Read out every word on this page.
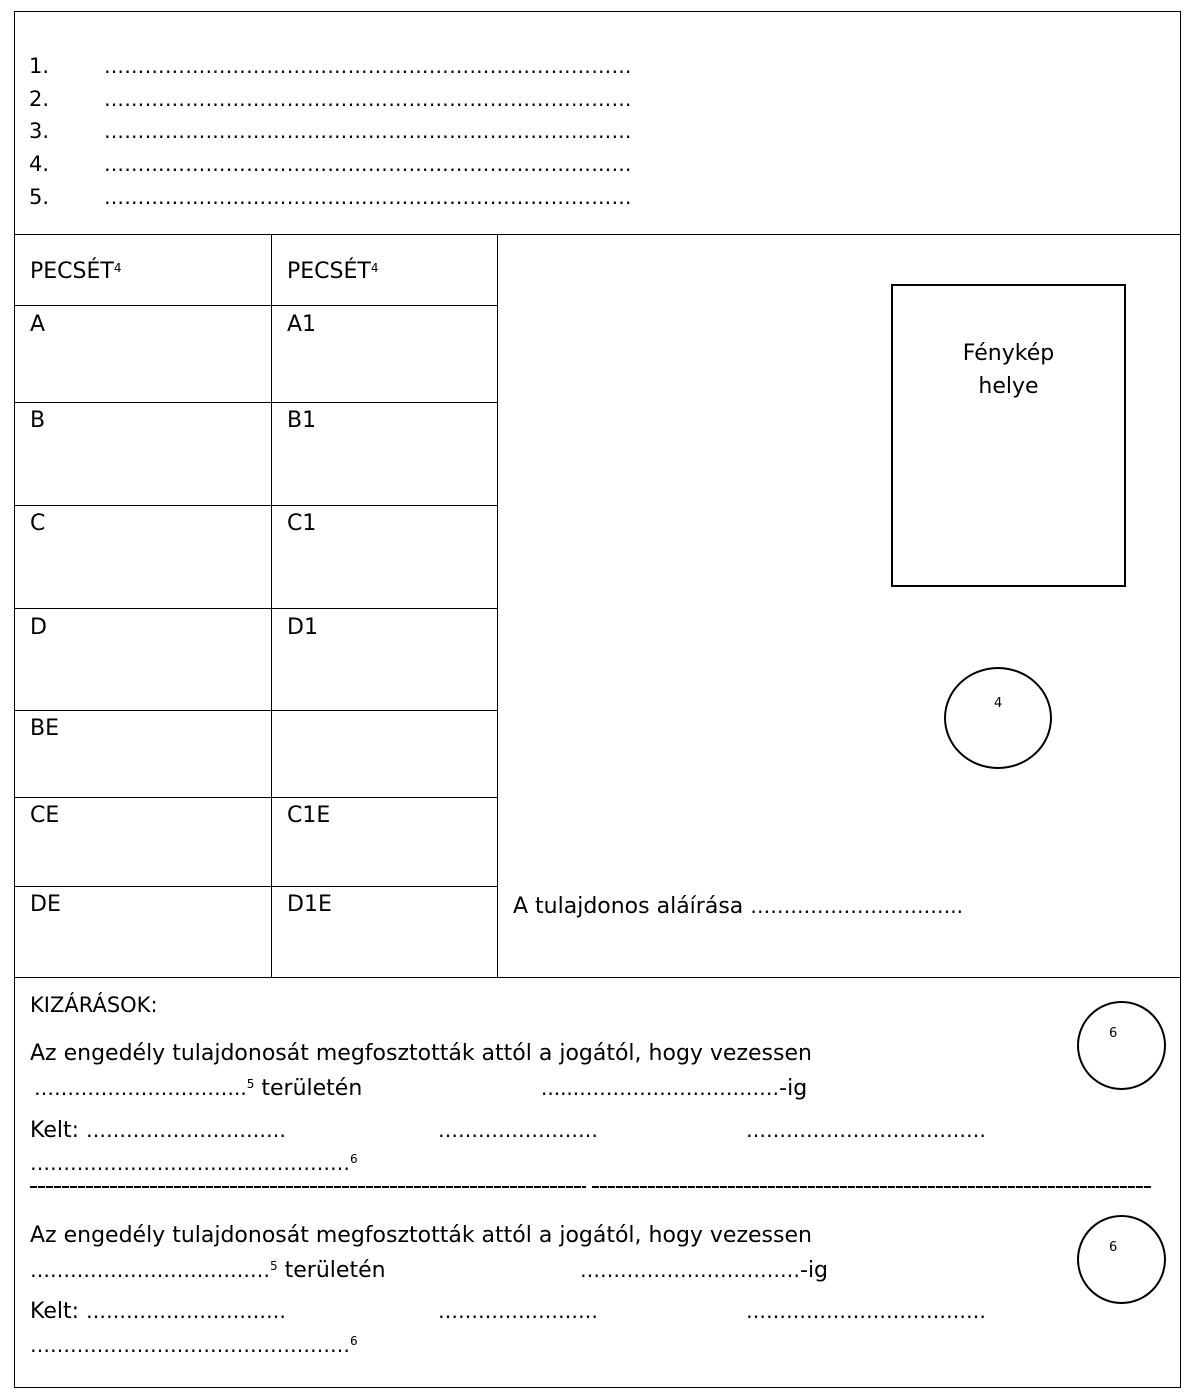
1.	……………………………………………………………………
2.	……………………………………………………………………
3.	……………………………………………………………………
4.	……………………………………………………………………
5.	……………………………………………………………………
PECSÉT$^4$	PECSÉT$^4$
A	A1
B	B1
C	C1
D	D1
BE
CE	C1E
DE	D1E
Fénykép
helye
4
A tulajdonos aláírása …………………………..
KIZÁRÁSOK:
6
Az engedély tulajdonosát megfosztották attól a jogától, hogy vezessen
…………………………..$^5$ területén	......…………………………-ig
Kelt: …………………………	……………………	………………………………
…………………………………………$^6$
6
Az engedély tulajdonosát megfosztották attól a jogától, hogy vezessen
………………………………$^5$ területén	……………………………-ig
Kelt: …………………………	……………………	………………………………
…………………………………………$^6$
